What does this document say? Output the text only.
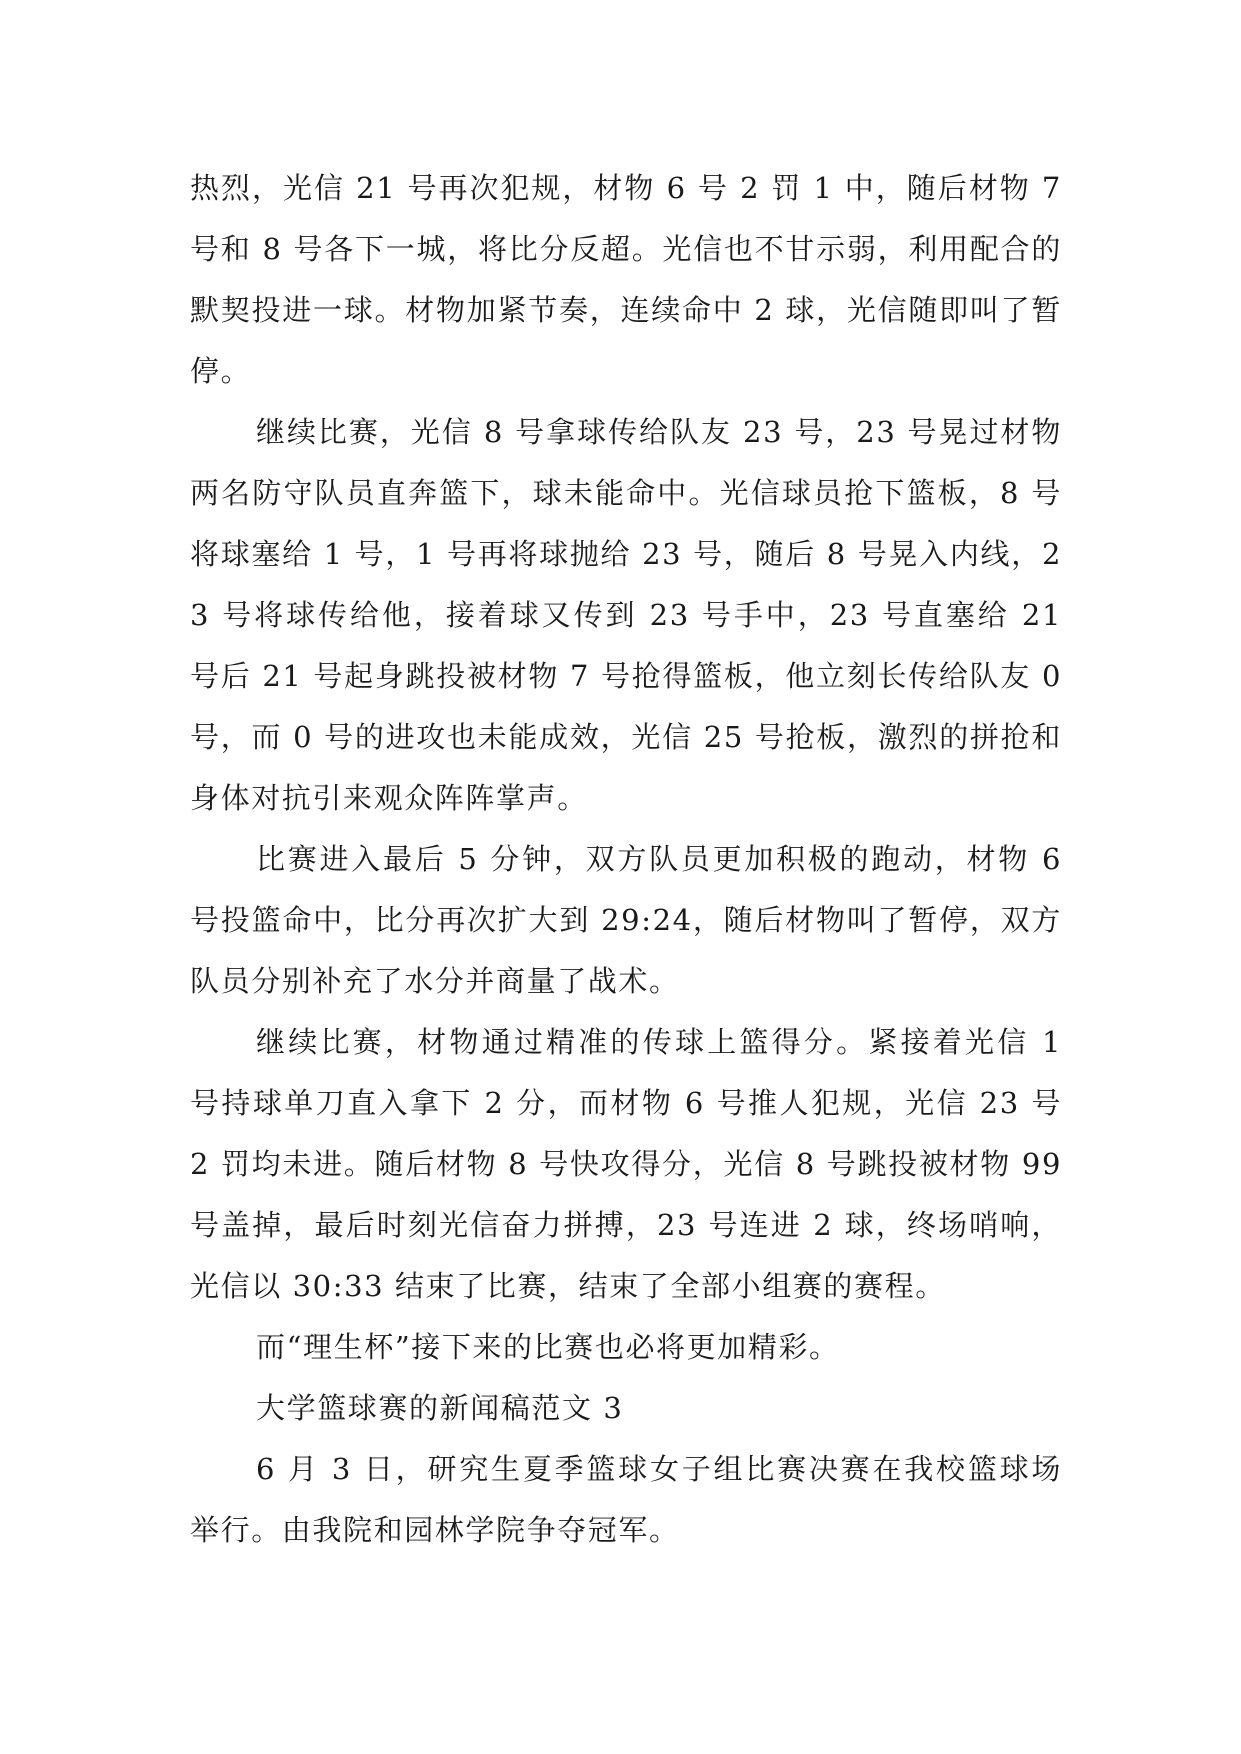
热烈，光信 21 号再次犯规，材物 6 号 2 罚 1 中，随后材物 7 号和 8 号各下一城，将比分反超。光信也不甘示弱，利用配合的默契投进一球。材物加紧节奏，连续命中 2 球，光信随即叫了暂停。

继续比赛，光信 8 号拿球传给队友 23 号，23 号晃过材物两名防守队员直奔篮下，球未能命中。光信球员抢下篮板，8 号将球塞给 1 号，1 号再将球抛给 23 号，随后 8 号晃入内线，23 号将球传给他，接着球又传到 23 号手中，23 号直塞给 21 号后 21 号起身跳投被材物 7 号抢得篮板，他立刻长传给队友 0 号，而 0 号的进攻也未能成效，光信 25 号抢板，激烈的拼抢和身体对抗引来观众阵阵掌声。

比赛进入最后 5 分钟，双方队员更加积极的跑动，材物 6 号投篮命中，比分再次扩大到 29:24，随后材物叫了暂停，双方队员分别补充了水分并商量了战术。

继续比赛，材物通过精准的传球上篮得分。紧接着光信 1 号持球单刀直入拿下 2 分，而材物 6 号推人犯规，光信 23 号 2 罚均未进。随后材物 8 号快攻得分，光信 8 号跳投被材物 99 号盖掉，最后时刻光信奋力拼搏，23 号连进 2 球，终场哨响，光信以 30:33 结束了比赛，结束了全部小组赛的赛程。

而“理生杯”接下来的比赛也必将更加精彩。

大学篮球赛的新闻稿范文 3

6 月 3 日，研究生夏季篮球女子组比赛决赛在我校篮球场举行。由我院和园林学院争夺冠军。
